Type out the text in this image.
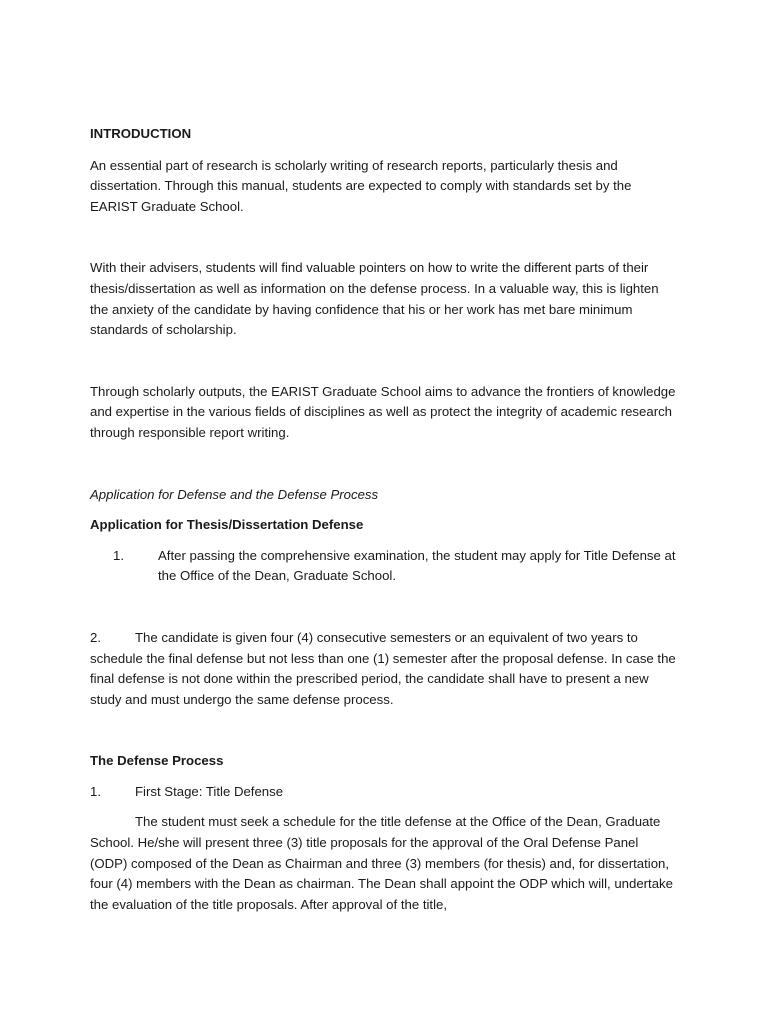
INTRODUCTION

An essential part of research is scholarly writing of research reports, particularly thesis and dissertation. Through this manual, students are expected to comply with standards set by the EARIST Graduate School.

With their advisers, students will find valuable pointers on how to write the different parts of their thesis/dissertation as well as information on the defense process. In a valuable way, this is lighten the anxiety of the candidate by having confidence that his or her work has met bare minimum standards of scholarship.

Through scholarly outputs, the EARIST Graduate School aims to advance the frontiers of knowledge and expertise in the various fields of disciplines as well as protect the integrity of academic research through responsible report writing.

Application for Defense and the Defense Process
Application for Thesis/Dissertation Defense
1.	After passing the comprehensive examination, the student may apply for Title Defense at the Office of the Dean, Graduate School.

2.	The candidate is given four (4) consecutive semesters or an equivalent of two years to schedule the final defense but not less than one (1) semester after the proposal defense. In case the final defense is not done within the prescribed period, the candidate shall have to present a new study and must undergo the same defense process.

The Defense Process
1.	First Stage: Title Defense

The student must seek a schedule for the title defense at the Office of the Dean, Graduate School. He/she will present three (3) title proposals for the approval of the Oral Defense Panel (ODP) composed of the Dean as Chairman and three (3) members (for thesis) and, for dissertation, four (4) members with the Dean as chairman. The Dean shall appoint the ODP which will, undertake the evaluation of the title proposals. After approval of the title,
